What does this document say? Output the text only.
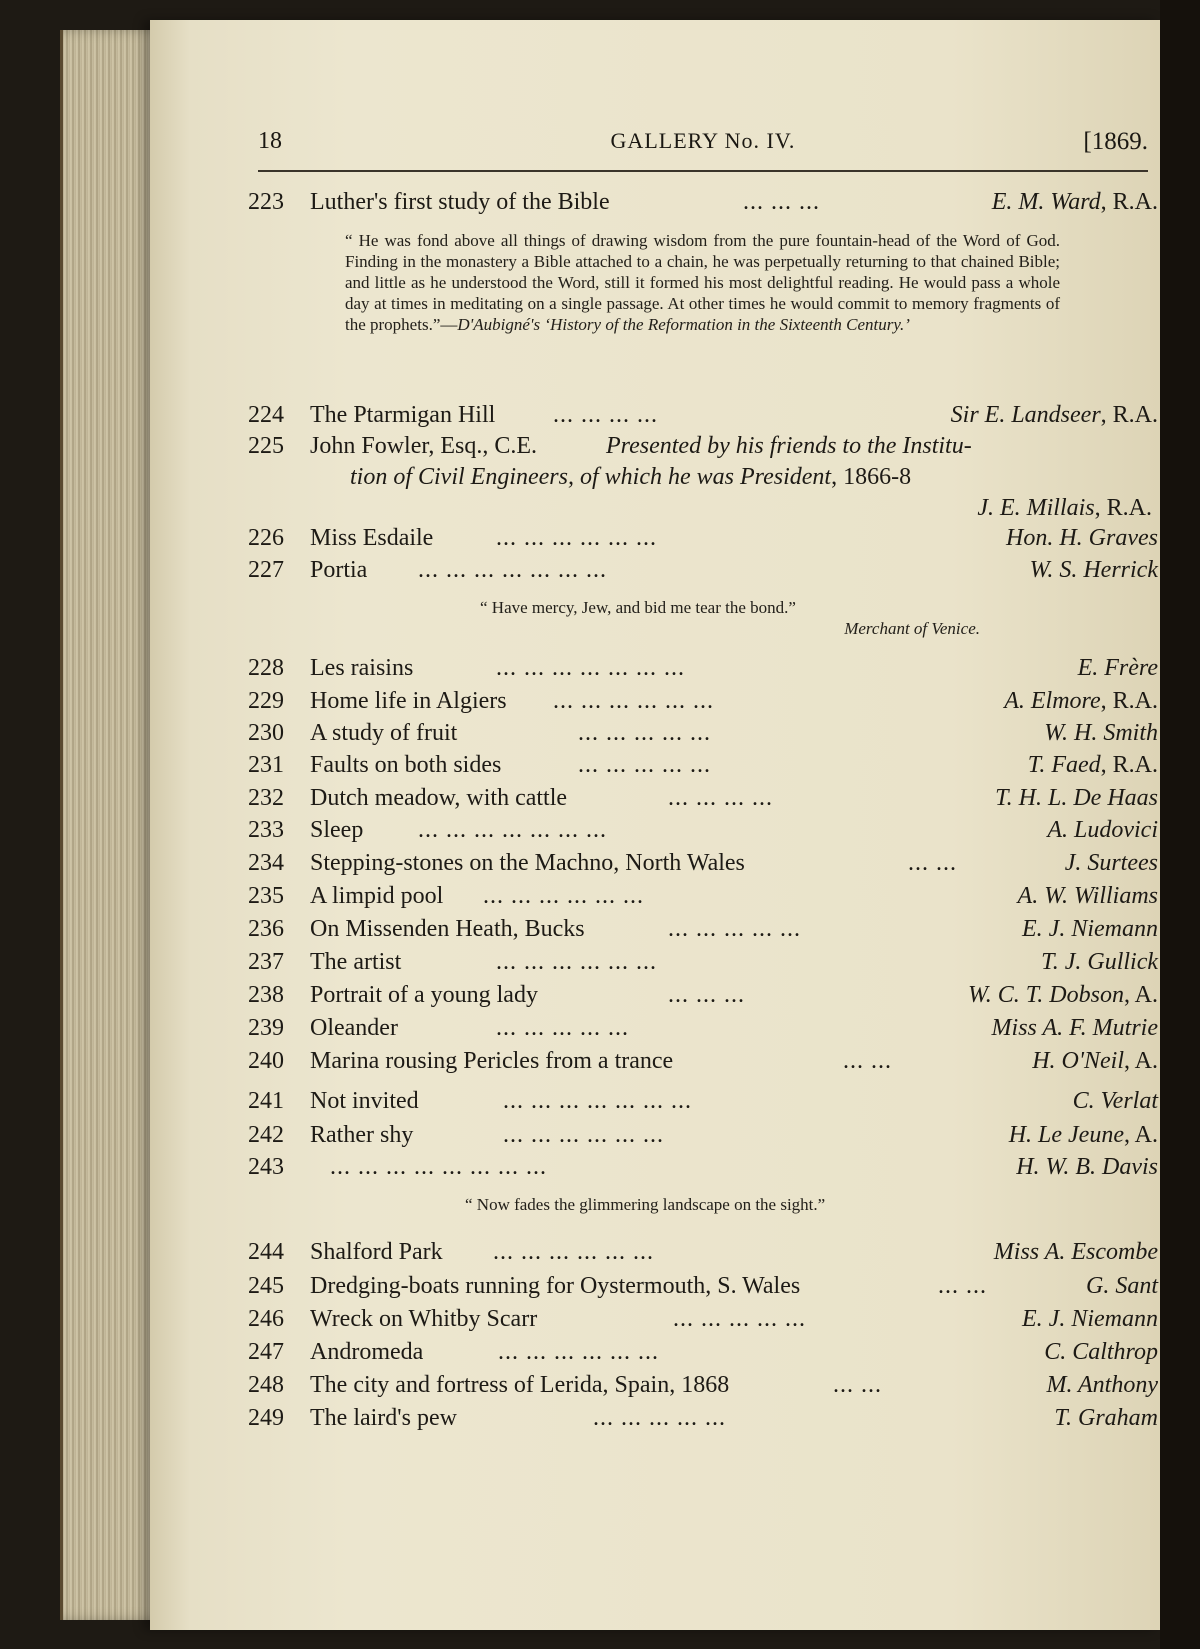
18	GALLERY No. IV.	[1869.
223	Luther's first study of the Bible	... ... ...	E. M. Ward, R.A.
“ He was fond above all things of drawing wisdom from the pure fountain-head of the Word of God. Finding in the monastery a Bible attached to a chain, he was perpetually returning to that chained Bible; and little as he understood the Word, still it formed his most delightful reading. He would pass a whole day at times in meditating on a single passage. At other times he would commit to memory fragments of the prophets.”—D'Aubigné's ‘History of the Reformation in the Sixteenth Century.’
224	The Ptarmigan Hill ... ... ... ...	Sir E. Landseer, R.A.
225	John Fowler, Esq., C.E.	Presented by his friends to the Institu-
tion of Civil Engineers, of which he was President, 1866-8
J. E. Millais, R.A.
226	Miss Esdaile	... ... ... ... ... ...	Hon. H. Graves
227	Portia ... ... ... ... ... ... ...	W. S. Herrick
“ Have mercy, Jew, and bid me tear the bond.”
Merchant of Venice.
228	Les raisins	... ... ... ... ... ... ...	E. Frère
229	Home life in Algiers ... ... ... ... ... ...	A. Elmore, R.A.
230	A study of fruit	... ... ... ... ...	W. H. Smith
231	Faults on both sides	... ... ... ... ...	T. Faed, R.A.
232	Dutch meadow, with cattle	... ... ... ...	T. H. L. De Haas
233	Sleep ... ... ... ... ... ... ...	A. Ludovici
234	Stepping-stones on the Machno, North Wales	... ...	J. Surtees
235	A limpid pool ... ... ... ... ... ...	A. W. Williams
236	On Missenden Heath, Bucks	... ... ... ... ...	E. J. Niemann
237	The artist	... ... ... ... ... ...	T. J. Gullick
238	Portrait of a young lady	... ... ...	W. C. T. Dobson, A.
239	Oleander	... ... ... ... ...	Miss A. F. Mutrie
240	Marina rousing Pericles from a trance	... ...	H. O'Neil, A.
241	Not invited	... ... ... ... ... ... ...	C. Verlat
242	Rather shy	... ... ... ... ... ...	H. Le Jeune, A.
243	... ... ... ... ... ... ... ...	H. W. B. Davis
“ Now fades the glimmering landscape on the sight.”
244	Shalford Park ... ... ... ... ... ...	Miss A. Escombe
245	Dredging-boats running for Oystermouth, S. Wales	... ...	G. Sant
246	Wreck on Whitby Scarr	... ... ... ... ...	E. J. Niemann
247	Andromeda	... ... ... ... ... ...	C. Calthrop
248	The city and fortress of Lerida, Spain, 1868	... ...	M. Anthony
249	The laird's pew	... ... ... ... ...	T. Graham
